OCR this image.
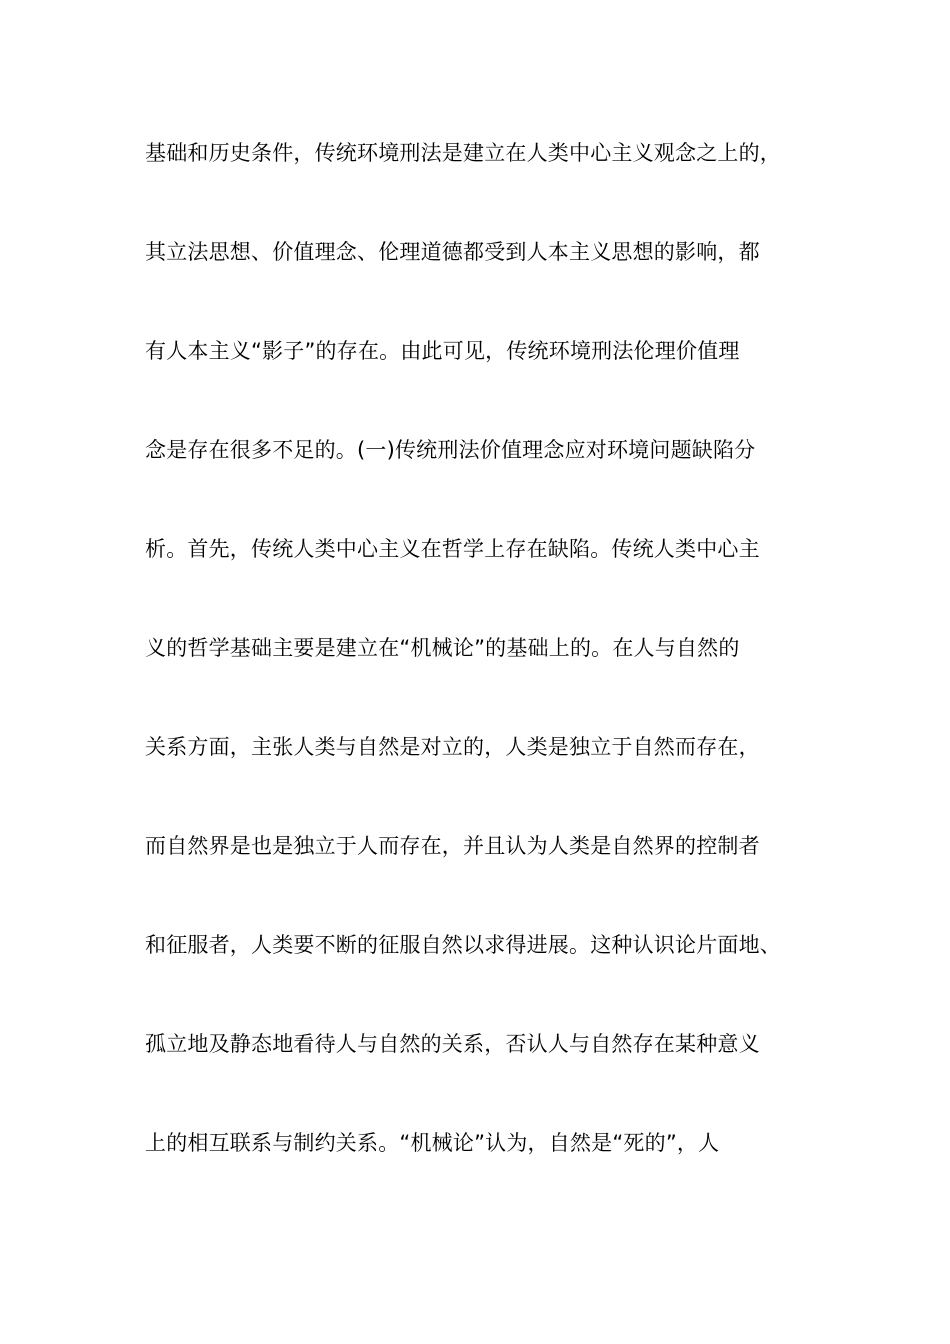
基础和历史条件，传统环境刑法是建立在人类中心主义观念之上的，
其立法思想、价值理念、伦理道德都受到人本主义思想的影响，都
有人本主义“影子”的存在。由此可见，传统环境刑法伦理价值理
念是存在很多不足的。(一)传统刑法价值理念应对环境问题缺陷分
析。首先，传统人类中心主义在哲学上存在缺陷。传统人类中心主
义的哲学基础主要是建立在“机械论”的基础上的。在人与自然的
关系方面，主张人类与自然是对立的，人类是独立于自然而存在，
而自然界是也是独立于人而存在，并且认为人类是自然界的控制者
和征服者，人类要不断的征服自然以求得进展。这种认识论片面地、
孤立地及静态地看待人与自然的关系，否认人与自然存在某种意义
上的相互联系与制约关系。“机械论”认为，自然是“死的”，人
